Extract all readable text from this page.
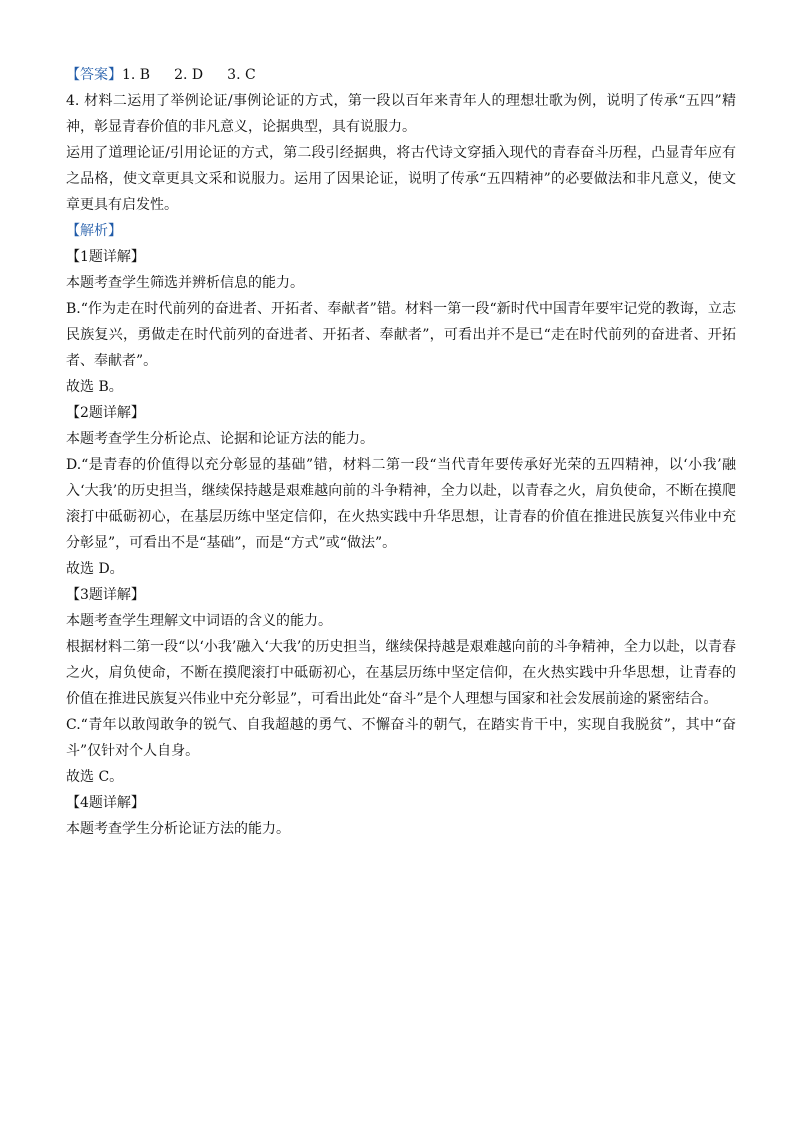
【答案】1. B 2. D 3. C

4. 材料二运用了举例论证/事例论证的方式，第一段以百年来青年人的理想壮歌为例，说明了传承“五四”精神，彰显青春价值的非凡意义，论据典型，具有说服力。

运用了道理论证/引用论证的方式，第二段引经据典，将古代诗文穿插入现代的青春奋斗历程，凸显青年应有之品格，使文章更具文采和说服力。运用了因果论证，说明了传承“五四精神”的必要做法和非凡意义，使文章更具有启发性。

【解析】

【1题详解】

本题考查学生筛选并辨析信息的能力。

B.“作为走在时代前列的奋进者、开拓者、奉献者”错。材料一第一段“新时代中国青年要牢记党的教诲，立志民族复兴，勇做走在时代前列的奋进者、开拓者、奉献者”，可看出并不是已“走在时代前列的奋进者、开拓者、奉献者”。

故选 B。

【2题详解】

本题考查学生分析论点、论据和论证方法的能力。

D.“是青春的价值得以充分彰显的基础”错，材料二第一段“当代青年要传承好光荣的五四精神，以‘小我’融入‘大我’的历史担当，继续保持越是艰难越向前的斗争精神，全力以赴，以青春之火，肩负使命，不断在摸爬滚打中砥砺初心，在基层历练中坚定信仰，在火热实践中升华思想，让青春的价值在推进民族复兴伟业中充分彰显”，可看出不是“基础”，而是“方式”或“做法”。

故选 D。

【3题详解】

本题考查学生理解文中词语的含义的能力。

根据材料二第一段“以‘小我’融入‘大我’的历史担当，继续保持越是艰难越向前的斗争精神，全力以赴，以青春之火，肩负使命，不断在摸爬滚打中砥砺初心，在基层历练中坚定信仰，在火热实践中升华思想，让青春的价值在推进民族复兴伟业中充分彰显”，可看出此处“奋斗”是个人理想与国家和社会发展前途的紧密结合。

C.“青年以敢闯敢争的锐气、自我超越的勇气、不懈奋斗的朝气，在踏实肯干中，实现自我脱贫”，其中“奋斗”仅针对个人自身。

故选 C。

【4题详解】

本题考查学生分析论证方法的能力。
